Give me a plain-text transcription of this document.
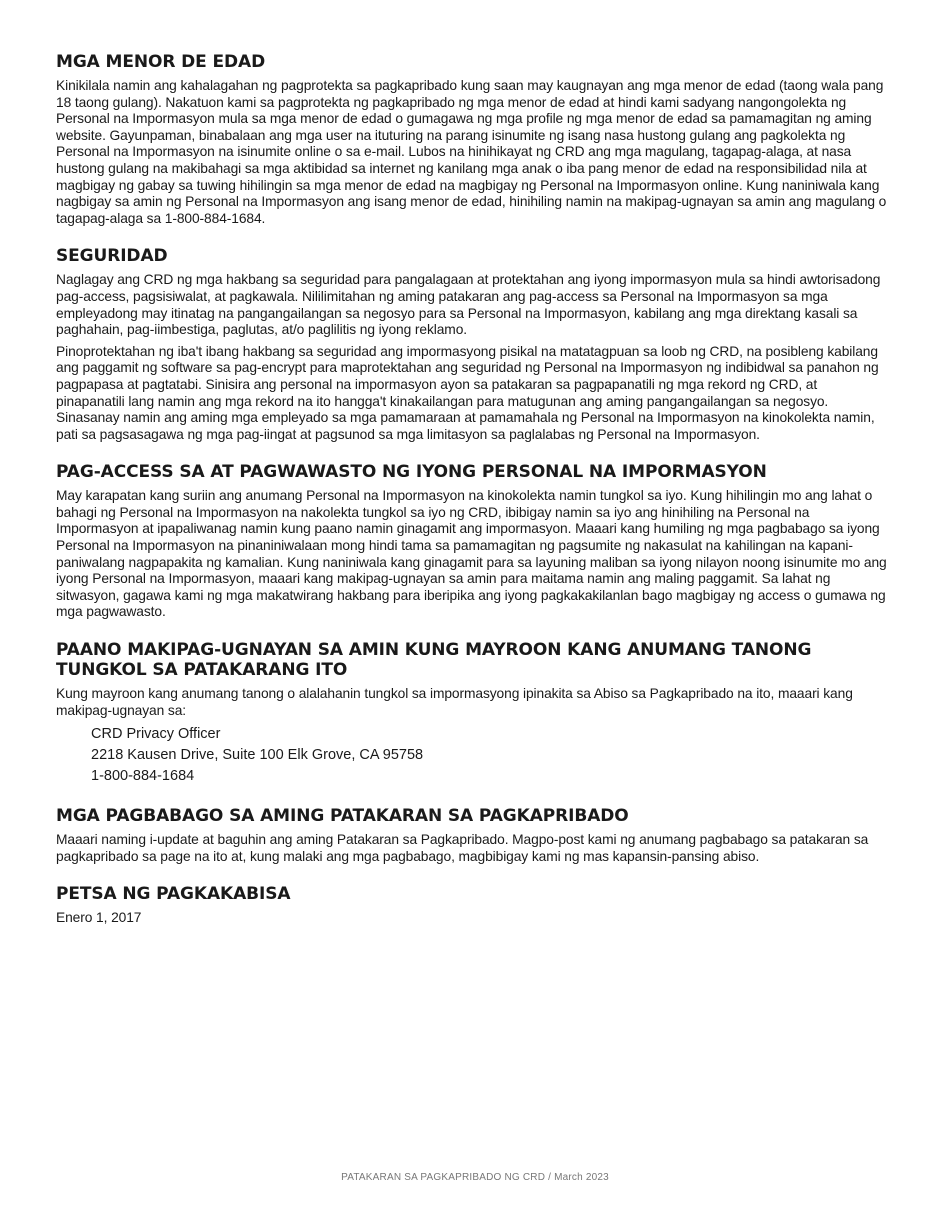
MGA MENOR DE EDAD

Kinikilala namin ang kahalagahan ng pagprotekta sa pagkapribado kung saan may kaugnayan ang mga menor de edad (taong wala pang 18 taong gulang). Nakatuon kami sa pagprotekta ng pagkapribado ng mga menor de edad at hindi kami sadyang nangongolekta ng Personal na Impormasyon mula sa mga menor de edad o gumagawa ng mga profile ng mga menor de edad sa pamamagitan ng aming website. Gayunpaman, binabalaan ang mga user na ituturing na parang isinumite ng isang nasa hustong gulang ang pagkolekta ng Personal na Impormasyon na isinumite online o sa e-mail. Lubos na hinihikayat ng CRD ang mga magulang, tagapag-alaga, at nasa hustong gulang na makibahagi sa mga aktibidad sa internet ng kanilang mga anak o iba pang menor de edad na responsibilidad nila at magbigay ng gabay sa tuwing hihilingin sa mga menor de edad na magbigay ng Personal na Impormasyon online. Kung naniniwala kang nagbigay sa amin ng Personal na Impormasyon ang isang menor de edad, hinihiling namin na makipag-ugnayan sa amin ang magulang o tagapag-alaga sa 1-800-884-1684.

SEGURIDAD

Naglagay ang CRD ng mga hakbang sa seguridad para pangalagaan at protektahan ang iyong impormasyon mula sa hindi awtorisadong pag-access, pagsisiwalat, at pagkawala. Nililimitahan ng aming patakaran ang pag-access sa Personal na Impormasyon sa mga empleyadong may itinatag na pangangailangan sa negosyo para sa Personal na Impormasyon, kabilang ang mga direktang kasali sa paghahain, pag-iimbestiga, paglutas, at/o paglilitis ng iyong reklamo.

Pinoprotektahan ng iba't ibang hakbang sa seguridad ang impormasyong pisikal na matatagpuan sa loob ng CRD, na posibleng kabilang ang paggamit ng software sa pag-encrypt para maprotektahan ang seguridad ng Personal na Impormasyon ng indibidwal sa panahon ng pagpapasa at pagtatabi. Sinisira ang personal na impormasyon ayon sa patakaran sa pagpapanatili ng mga rekord ng CRD, at pinapanatili lang namin ang mga rekord na ito hangga't kinakailangan para matugunan ang aming pangangailangan sa negosyo. Sinasanay namin ang aming mga empleyado sa mga pamamaraan at pamamahala ng Personal na Impormasyon na kinokolekta namin, pati sa pagsasagawa ng mga pag-iingat at pagsunod sa mga limitasyon sa paglalabas ng Personal na Impormasyon.

PAG-ACCESS SA AT PAGWAWASTO NG IYONG PERSONAL NA IMPORMASYON

May karapatan kang suriin ang anumang Personal na Impormasyon na kinokolekta namin tungkol sa iyo. Kung hihilingin mo ang lahat o bahagi ng Personal na Impormasyon na nakolekta tungkol sa iyo ng CRD, ibibigay namin sa iyo ang hinihiling na Personal na Impormasyon at ipapaliwanag namin kung paano namin ginagamit ang impormasyon. Maaari kang humiling ng mga pagbabago sa iyong Personal na Impormasyon na pinaniniwalaan mong hindi tama sa pamamagitan ng pagsumite ng nakasulat na kahilingan na kapani-paniwalang nagpapakita ng kamalian. Kung naniniwala kang ginagamit para sa layuning maliban sa iyong nilayon noong isinumite mo ang iyong Personal na Impormasyon, maaari kang makipag-ugnayan sa amin para maitama namin ang maling paggamit. Sa lahat ng sitwasyon, gagawa kami ng mga makatwirang hakbang para iberipika ang iyong pagkakakilanlan bago magbigay ng access o gumawa ng mga pagwawasto.

PAANO MAKIPAG-UGNAYAN SA AMIN KUNG MAYROON KANG ANUMANG TANONG TUNGKOL SA PATAKARANG ITO

Kung mayroon kang anumang tanong o alalahanin tungkol sa impormasyong ipinakita sa Abiso sa Pagkapribado na ito, maaari kang makipag-ugnayan sa:

CRD Privacy Officer
2218 Kausen Drive, Suite 100 Elk Grove, CA 95758
1-800-884-1684
MGA PAGBABAGO SA AMING PATAKARAN SA PAGKAPRIBADO

Maaari naming i-update at baguhin ang aming Patakaran sa Pagkapribado. Magpo-post kami ng anumang pagbabago sa patakaran sa pagkapribado sa page na ito at, kung malaki ang mga pagbabago, magbibigay kami ng mas kapansin-pansing abiso.

PETSA NG PAGKAKABISA

Enero 1, 2017

PATAKARAN SA PAGKAPRIBADO NG CRD / March 2023
